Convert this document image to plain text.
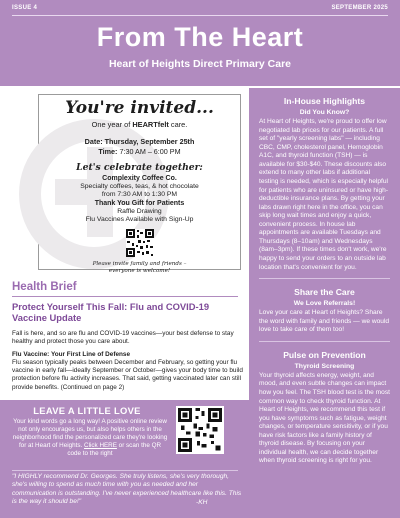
ISSUE 4	SEPTEMBER 2025
From The Heart
Heart of Heights Direct Primary Care
You're invited...
One year of HEARTfelt care.
Date: Thursday, September 25th
Time: 7:30 AM – 6:00 PM
Let's celebrate together:
Complexity Coffee Co.
Specialty coffees, teas, & hot chocolate
from 7:30 AM to 1:30 PM
Thank You Gift for Patients
Raffle Drawing
Flu Vaccines Available with Sign-Up
Please invite family and friends –
everyone is welcome!
In-House Highlights
Did You Know?
At Heart of Heights, we're proud to offer low negotiated lab prices for our patients. A full set of "yearly screening labs" — including CBC, CMP, cholesterol panel, Hemoglobin A1C, and thyroid function (TSH) — is available for $30-$40. These discounts also extend to many other labs if additional testing is needed, which is especially helpful for patients who are uninsured or have high-deductible insurance plans. By getting your labs drawn right here in the office, you can skip long wait times and enjoy a quick, convenient process. In house lab appointments are available Tuesdays and Thursdays (8–10am) and Wednesdays (8am–3pm). If these times don't work, we're happy to send your orders to an outside lab location that's convenient for you.
Share the Care
We Love Referrals!
Love your care at Heart of Heights? Share the word with family and friends — we would love to take care of them too!
Pulse on Prevention
Thyroid Screening
Your thyroid affects energy, weight, and mood, and even subtle changes can impact how you feel. The TSH blood test is the most common way to check thyroid function. At Heart of Heights, we recommend this test if you have symptoms such as fatigue, weight changes, or temperature sensitivity, or if you have risk factors like a family history of thyroid disease. By focusing on your individual health, we can decide together when thyroid screening is right for you.
Health Brief
Protect Yourself This Fall: Flu and COVID-19 Vaccine Update

Fall is here, and so are flu and COVID-19 vaccines—your best defense to stay healthy and protect those you care about.

Flu Vaccine: Your First Line of Defense

Flu season typically peaks between December and February, so getting your flu vaccine in early fall—ideally September or October—gives your body time to build protection before flu activity increases. That said, getting vaccinated later can still provide benefits. (Continued on page 2)

LEAVE A LITTLE LOVE
Your kind words go a long way! A positive online review not only encourages us, but also helps others in the neighborhood find the personalized care they're looking for at Heart of Heights. Click HERE or scan the QR code to the right

"I HIGHLY recommend Dr. Georges. She truly listens, she's very thorough, she's willing to spend as much time with you as needed and her communication is outstanding. I've never experienced healthcare like this. This is the way it should be!"	-KH
